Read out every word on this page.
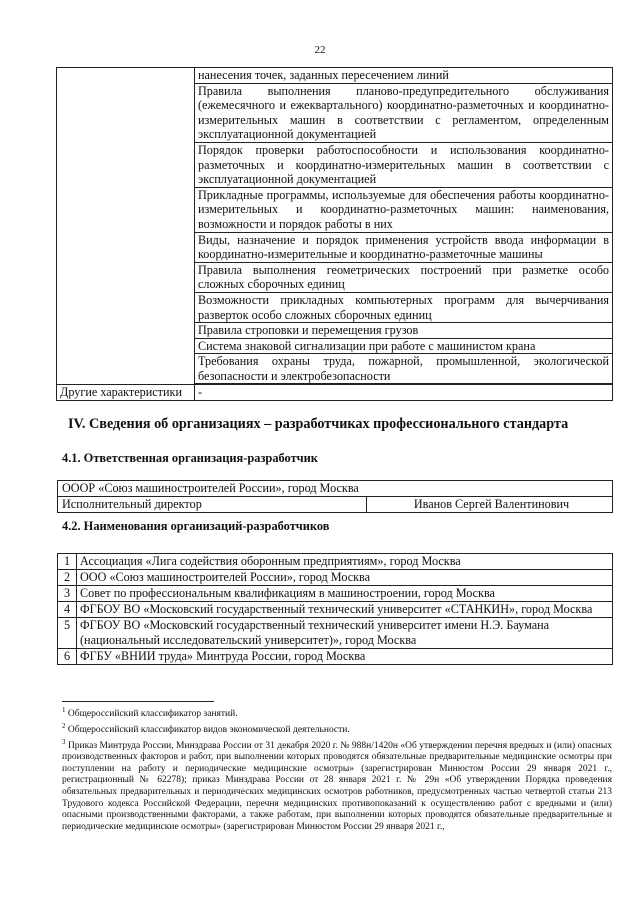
22
	нанесения точек, заданных пересечением линий
	Правила выполнения планово-предупредительного обслуживания (ежемесячного и ежеквартального) координатно-разметочных и координатно-измерительных машин в соответствии с регламентом, определенным эксплуатационной документацией
	Порядок проверки работоспособности и использования координатно-разметочных и координатно-измерительных машин в соответствии с эксплуатационной документацией
	Прикладные программы, используемые для обеспечения работы координатно-измерительных и координатно-разметочных машин: наименования, возможности и порядок работы в них
	Виды, назначение и порядок применения устройств ввода информации в координатно-измерительные и координатно-разметочные машины
	Правила выполнения геометрических построений при разметке особо сложных сборочных единиц
	Возможности прикладных компьютерных программ для вычерчивания разверток особо сложных сборочных единиц
	Правила строповки и перемещения грузов
	Система знаковой сигнализации при работе с машинистом крана
	Требования охраны труда, пожарной, промышленной, экологической безопасности и электробезопасности

Другие характеристики	-
IV. Сведения об организациях – разработчиках профессионального стандарта
4.1. Ответственная организация-разработчик
ОООР «Союз машиностроителей России», город Москва
Исполнительный директор	Иванов Сергей Валентинович
4.2. Наименования организаций-разработчиков
1	Ассоциация «Лига содействия оборонным предприятиям», город Москва
2	ООО «Союз машиностроителей России», город Москва
3	Совет по профессиональным квалификациям в машиностроении, город Москва
4	ФГБОУ ВО «Московский государственный технический университет «СТАНКИН», город Москва
5	ФГБОУ ВО «Московский государственный технический университет имени Н.Э. Баумана (национальный исследовательский университет)», город Москва
6	ФГБУ «ВНИИ труда» Минтруда России, город Москва

$^1$ Общероссийский классификатор занятий.

$^2$ Общероссийский классификатор видов экономической деятельности.

$^3$ Приказ Минтруда России, Минздрава России от 31 декабря 2020 г. № 988н/1420н «Об утверждении перечня вредных и (или) опасных производственных факторов и работ, при выполнении которых проводятся обязательные предварительные медицинские осмотры при поступлении на работу и периодические медицинские осмотры» (зарегистрирован Минюстом России 29 января 2021 г., регистрационный № 62278); приказ Минздрава России от 28 января 2021 г. № 29н «Об утверждении Порядка проведения обязательных предварительных и периодических медицинских осмотров работников, предусмотренных частью четвертой статьи 213 Трудового кодекса Российской Федерации, перечня медицинских противопоказаний к осуществлению работ с вредными и (или) опасными производственными факторами, а также работам, при выполнении которых проводятся обязательные предварительные и периодические медицинские осмотры» (зарегистрирован Минюстом России 29 января 2021 г.,
